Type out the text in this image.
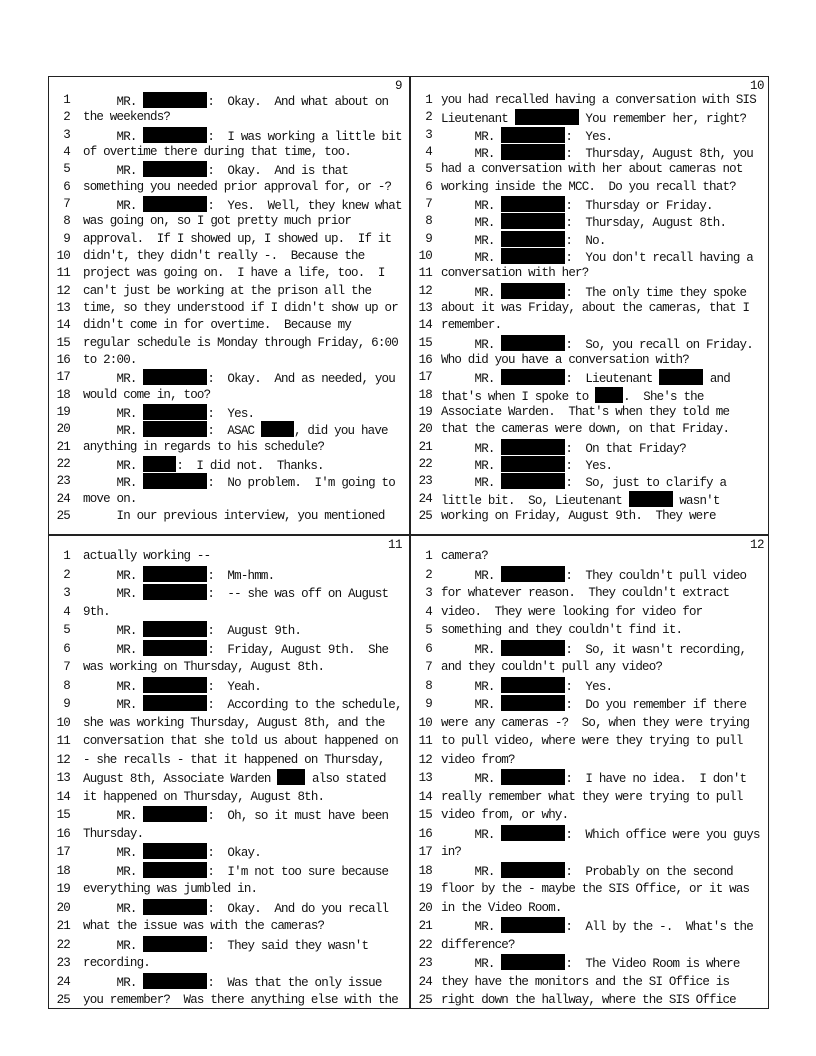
9
1 MR.	:  Okay.  And what about on
2 the weekends?
3 MR.	:  I was working a little bit
4 of overtime there during that time, too.
5 MR.	:  Okay.  And is that
6 something you needed prior approval for, or -?
7 MR.	:  Yes.  Well, they knew what
8 was going on, so I got pretty much prior
9 approval.  If I showed up, I showed up.  If it
10 didn't, they didn't really -.  Because the
11 project was going on.  I have a life, too.  I
12 can't just be working at the prison all the
13 time, so they understood if I didn't show up or
14 didn't come in for overtime.  Because my
15 regular schedule is Monday through Friday, 6:00
16 to 2:00.
17 MR.	:  Okay.  And as needed, you
18 would come in, too?
19 MR.	:  Yes.
20 MR.	:  ASAC	, did you have
21 anything in regards to his schedule?
22 MR.	:  I did not.  Thanks.
23 MR.	:  No problem.  I'm going to
24 move on.
25 In our previous interview, you mentioned
10
1 you had recalled having a conversation with SIS
2 Lieutenant	You remember her, right?
3 MR.	:  Yes.
4 MR.	:  Thursday, August 8th, you
5 had a conversation with her about cameras not
6 working inside the MCC.  Do you recall that?
7 MR.	:  Thursday or Friday.
8 MR.	:  Thursday, August 8th.
9 MR.	:  No.
10 MR.	:  You don't recall having a
11 conversation with her?
12 MR.	:  The only time they spoke
13 about it was Friday, about the cameras, that I
14 remember.
15 MR.	:  So, you recall on Friday.
16 Who did you have a conversation with?
17 MR.	:  Lieutenant	and
18 that's when I spoke to .  She's the
19 Associate Warden.  That's when they told me
20 that the cameras were down, on that Friday.
21 MR.	:  On that Friday?
22 MR.	:  Yes.
23 MR.	:  So, just to clarify a
24 little bit.  So, Lieutenant	wasn't
25 working on Friday, August 9th.  They were
11
1 actually working --
2 MR.	:  Mm-hmm.
3 MR.	:  -- she was off on August
4 9th.
5 MR.	:  August 9th.
6 MR.	:  Friday, August 9th.  She
7 was working on Thursday, August 8th.
8 MR.	:  Yeah.
9 MR.	:  According to the schedule,
10 she was working Thursday, August 8th, and the
11 conversation that she told us about happened on
12 - she recalls - that it happened on Thursday,
13 August 8th, Associate Warden  also stated
14 it happened on Thursday, August 8th.
15 MR.	:  Oh, so it must have been
16 Thursday.
17 MR.	:  Okay.
18 MR.	:  I'm not too sure because
19 everything was jumbled in.
20 MR.	:  Okay.  And do you recall
21 what the issue was with the cameras?
22 MR.	:  They said they wasn't
23 recording.
24 MR.	:  Was that the only issue
25 you remember?  Was there anything else with the
12
1 camera?
2 MR.	:  They couldn't pull video
3 for whatever reason.  They couldn't extract
4 video.  They were looking for video for
5 something and they couldn't find it.
6 MR.	:  So, it wasn't recording,
7 and they couldn't pull any video?
8 MR.	:  Yes.
9 MR.	:  Do you remember if there
10 were any cameras -?  So, when they were trying
11 to pull video, where were they trying to pull
12 video from?
13 MR.	:  I have no idea.  I don't
14 really remember what they were trying to pull
15 video from, or why.
16 MR.	:  Which office were you guys
17 in?
18 MR.	:  Probably on the second
19 floor by the - maybe the SIS Office, or it was
20 in the Video Room.
21 MR.	:  All by the -.  What's the
22 difference?
23 MR.	:  The Video Room is where
24 they have the monitors and the SI Office is
25 right down the hallway, where the SIS Office
